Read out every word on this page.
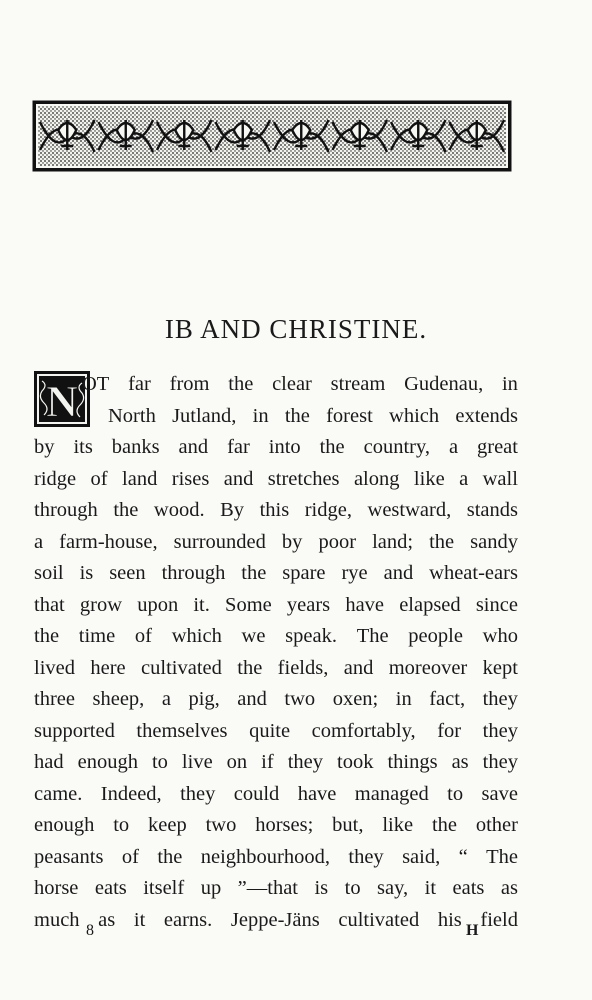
IB AND CHRISTINE.
N OT far from the clear stream Gudenau, in
North Jutland, in the forest which extends
by its banks and far into the country, a great
ridge of land rises and stretches along like a wall
through the wood. By this ridge, westward, stands
a farm-house, surrounded by poor land; the sandy
soil is seen through the spare rye and wheat-ears
that grow upon it. Some years have elapsed since
the time of which we speak. The people who
lived here cultivated the fields, and moreover kept
three sheep, a pig, and two oxen; in fact, they
supported themselves quite comfortably, for they
had enough to live on if they took things as they
came. Indeed, they could have managed to save
enough to keep two horses; but, like the other
peasants of the neighbourhood, they said, “ The
horse eats itself up ”—that is to say, it eats as
much as it earns. Jeppe-Jäns cultivated his field
8	H
